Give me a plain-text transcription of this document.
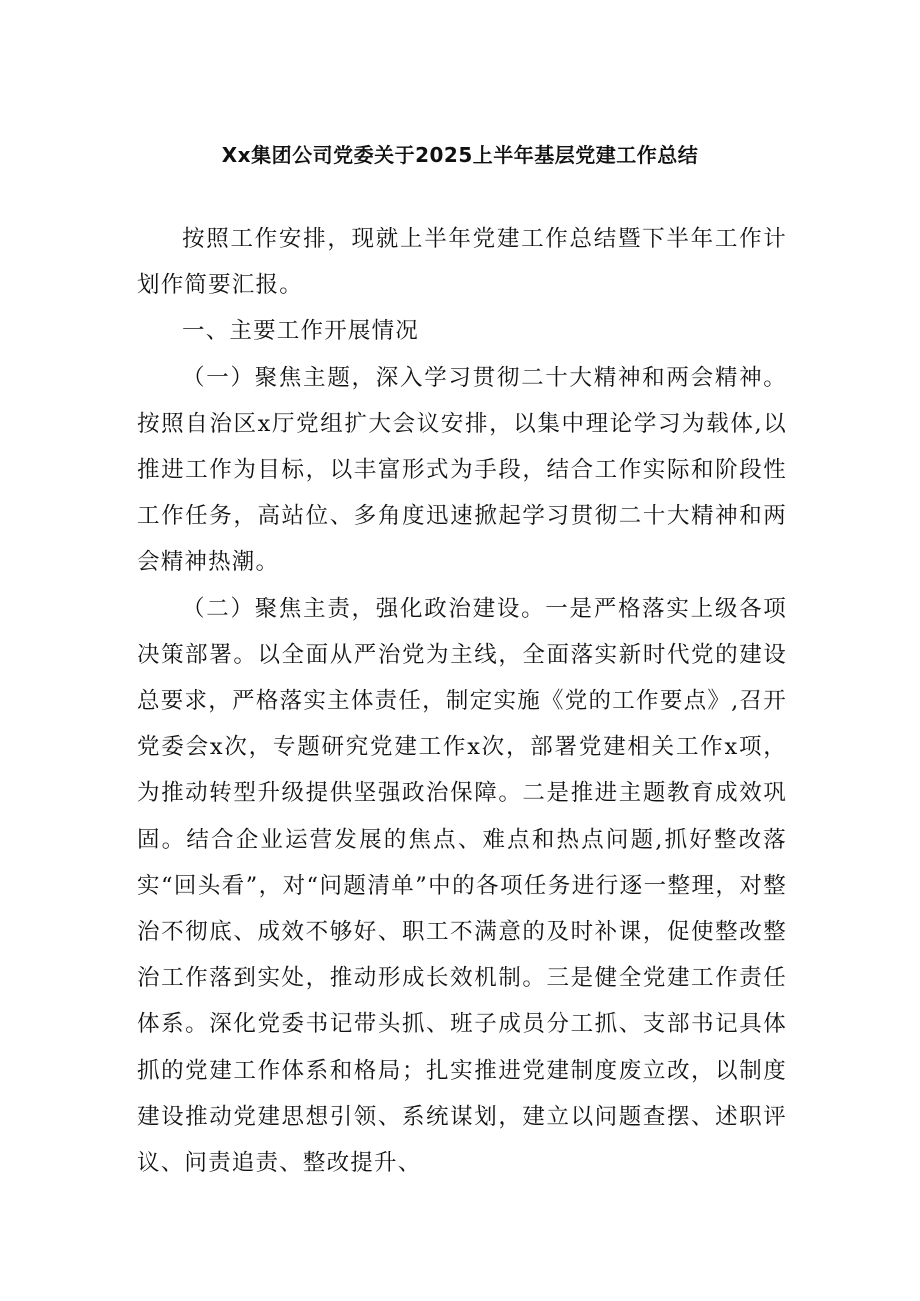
Xx集团公司党委关于2025上半年基层党建工作总结

按照工作安排，现就上半年党建工作总结暨下半年工作计划作简要汇报。

一、主要工作开展情况

（一）聚焦主题，深入学习贯彻二十大精神和两会精神。按照自治区x厅党组扩大会议安排，以集中理论学习为载体,以推进工作为目标，以丰富形式为手段，结合工作实际和阶段性工作任务，高站位、多角度迅速掀起学习贯彻二十大精神和两会精神热潮。

（二）聚焦主责，强化政治建设。一是严格落实上级各项决策部署。以全面从严治党为主线，全面落实新时代党的建设总要求，严格落实主体责任，制定实施《党的工作要点》,召开党委会x次，专题研究党建工作x次，部署党建相关工作x项，为推动转型升级提供坚强政治保障。二是推进主题教育成效巩固。结合企业运营发展的焦点、难点和热点问题,抓好整改落实“回头看”，对“问题清单”中的各项任务进行逐一整理，对整治不彻底、成效不够好、职工不满意的及时补课，促使整改整治工作落到实处，推动形成长效机制。三是健全党建工作责任体系。深化党委书记带头抓、班子成员分工抓、支部书记具体抓的党建工作体系和格局；扎实推进党建制度废立改，以制度建设推动党建思想引领、系统谋划，建立以问题查摆、述职评议、问责追责、整改提升、
